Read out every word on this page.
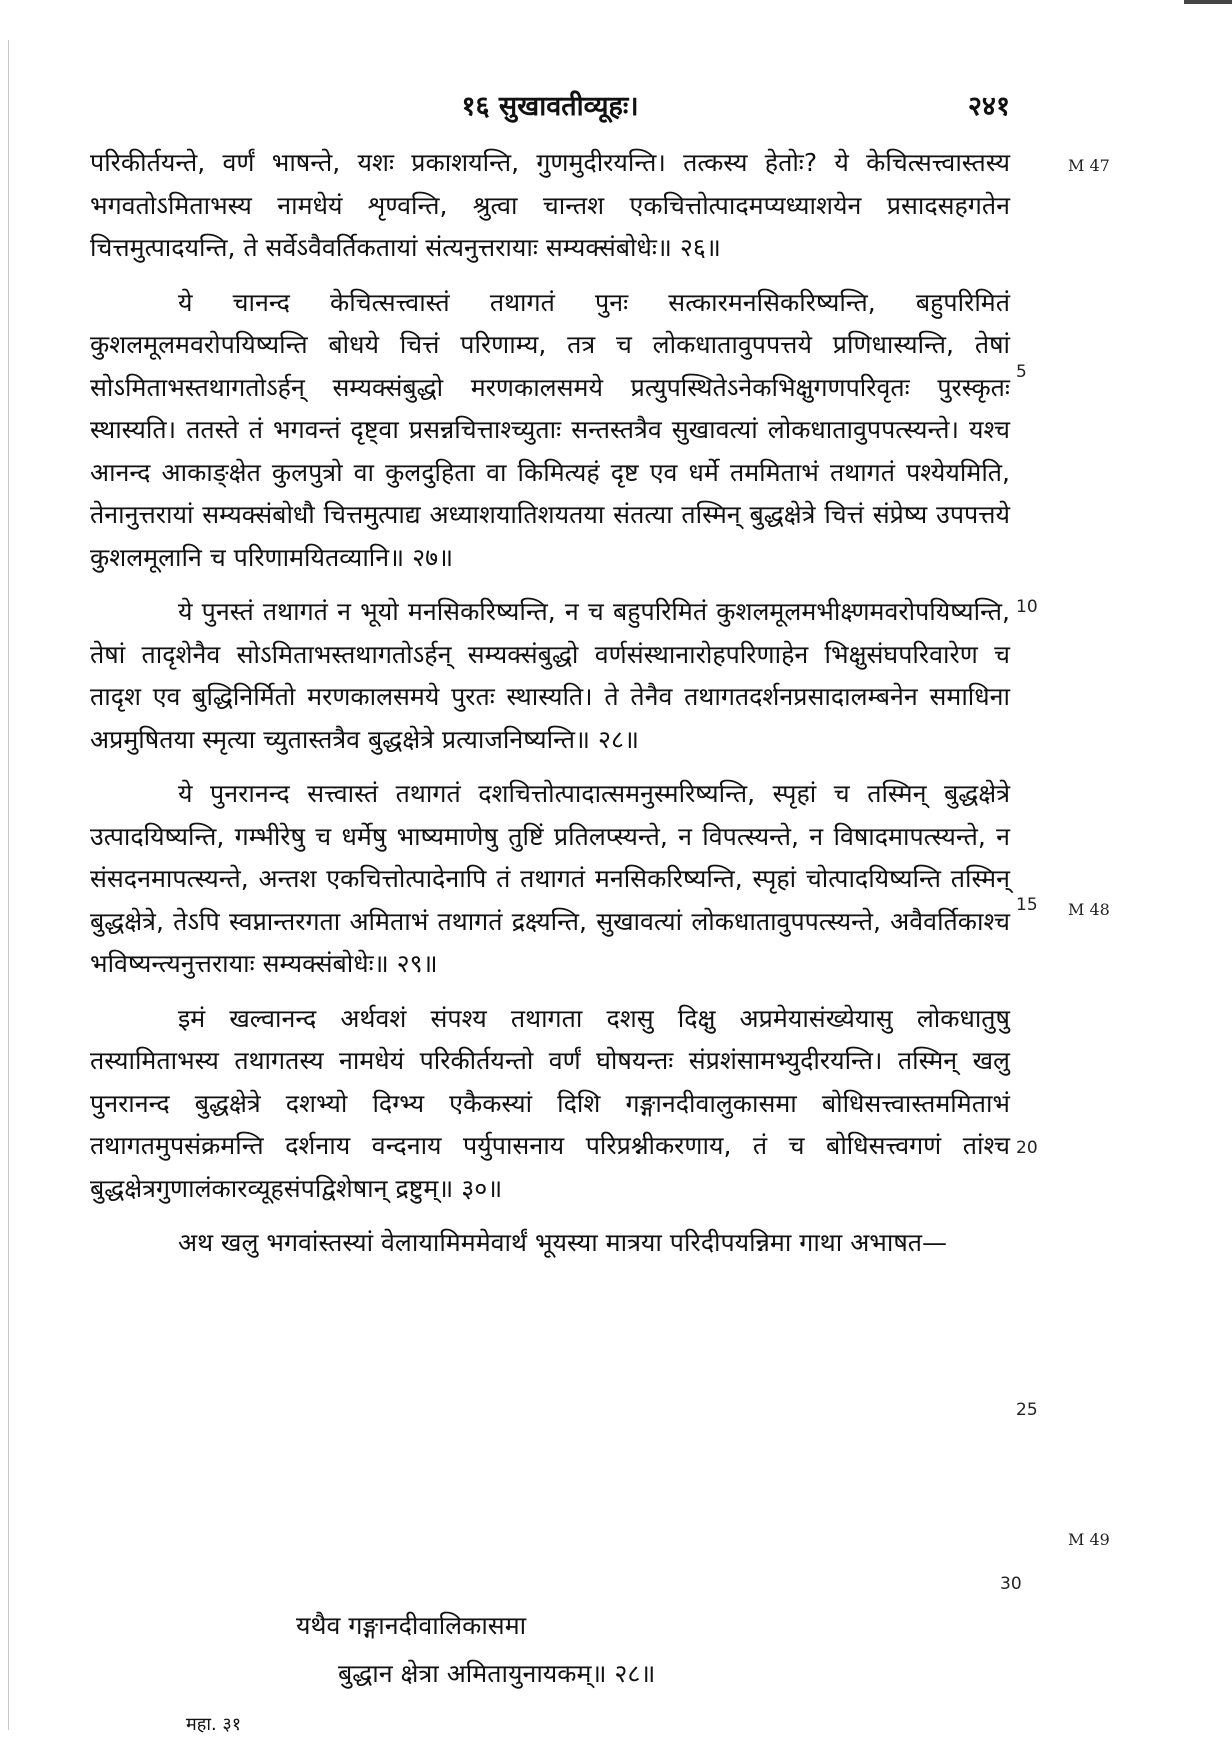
१६ सुखावतीव्यूहः।	२४१

परिकीर्तयन्ते, वर्णं भाषन्ते, यशः प्रकाशयन्ति, गुणमुदीरयन्ति। तत्कस्य हेतोः? ये केचित्सत्त्वास्तस्य भगवतोऽमिताभस्य नामधेयं शृण्वन्ति, श्रुत्वा चान्तश एकचित्तोत्पादमप्यध्याशयेन प्रसादसहगतेन चित्तमुत्पादयन्ति, ते सर्वेऽवैवर्तिकतायां संत्यनुत्तरायाः सम्यक्संबोधेः॥ २६॥

ये चानन्द केचित्सत्त्वास्तं तथागतं पुनः सत्कारमनसिकरिष्यन्ति, बहुपरिमितं कुशलमूलमवरोपयिष्यन्ति बोधये चित्तं परिणाम्य, तत्र च लोकधातावुपपत्तये प्रणिधास्यन्ति, तेषां सोऽमिताभस्तथागतोऽर्हन् सम्यक्संबुद्धो मरणकालसमये प्रत्युपस्थितेऽनेकभिक्षुगणपरिवृतः पुरस्कृतः स्थास्यति। ततस्ते तं भगवन्तं दृष्ट्वा प्रसन्नचित्ताश्च्युताः सन्तस्तत्रैव सुखावत्यां लोकधातावुपपत्स्यन्ते। यश्च आनन्द आकाङ्क्षेत कुलपुत्रो वा कुलदुहिता वा किमित्यहं दृष्ट एव धर्मे तममिताभं तथागतं पश्येयमिति, तेनानुत्तरायां सम्यक्संबोधौ चित्तमुत्पाद्य अध्याशयातिशयतया संतत्या तस्मिन् बुद्धक्षेत्रे चित्तं संप्रेष्य उपपत्तये कुशलमूलानि च परिणामयितव्यानि॥ २७॥

ये पुनस्तं तथागतं न भूयो मनसिकरिष्यन्ति, न च बहुपरिमितं कुशलमूलमभीक्ष्णमवरोपयिष्यन्ति, तेषां तादृशेनैव सोऽमिताभस्तथागतोऽर्हन् सम्यक्संबुद्धो वर्णसंस्थानारोहपरिणाहेन भिक्षुसंघपरिवारेण च तादृश एव बुद्धिनिर्मितो मरणकालसमये पुरतः स्थास्यति। ते तेनैव तथागतदर्शनप्रसादालम्बनेन समाधिना अप्रमुषितया स्मृत्या च्युतास्तत्रैव बुद्धक्षेत्रे प्रत्याजनिष्यन्ति॥ २८॥

ये पुनरानन्द सत्त्वास्तं तथागतं दशचित्तोत्पादात्समनुस्मरिष्यन्ति, स्पृहां च तस्मिन् बुद्धक्षेत्रे उत्पादयिष्यन्ति, गम्भीरेषु च धर्मेषु भाष्यमाणेषु तुष्टिं प्रतिलप्स्यन्ते, न विपत्स्यन्ते, न विषादमापत्स्यन्ते, न संसदनमापत्स्यन्ते, अन्तश एकचित्तोत्पादेनापि तं तथागतं मनसिकरिष्यन्ति, स्पृहां चोत्पादयिष्यन्ति तस्मिन् बुद्धक्षेत्रे, तेऽपि स्वप्नान्तरगता अमिताभं तथागतं द्रक्ष्यन्ति, सुखावत्यां लोकधातावुपपत्स्यन्ते, अवैवर्तिकाश्च भविष्यन्त्यनुत्तरायाः सम्यक्संबोधेः॥ २९॥

इमं खल्वानन्द अर्थवशं संपश्य तथागता दशसु दिक्षु अप्रमेयासंख्येयासु लोकधातुषु तस्यामिताभस्य तथागतस्य नामधेयं परिकीर्तयन्तो वर्णं घोषयन्तः संप्रशंसामभ्युदीरयन्ति। तस्मिन् खलु पुनरानन्द बुद्धक्षेत्रे दशभ्यो दिग्भ्य एकैकस्यां दिशि गङ्गानदीवालुकासमा बोधिसत्त्वास्तममिताभं तथागतमुपसंक्रमन्ति दर्शनाय वन्दनाय पर्युपासनाय परिप्रश्नीकरणाय, तं च बोधिसत्त्वगणं तांश्च बुद्धक्षेत्रगुणालंकारव्यूहसंपद्विशेषान् द्रष्टुम्॥ ३०॥

अथ खलु भगवांस्तस्यां वेलायामिममेवार्थं भूयस्या मात्रया परिदीपयन्निमा गाथा अभाषत—

5
10
15
20
25
30
M 47
M 48
M 49
यथैव गङ्गानदीवालिकासमा
बुद्धान क्षेत्रा अमितायुनायकम्॥ २८॥
महा. ३१
